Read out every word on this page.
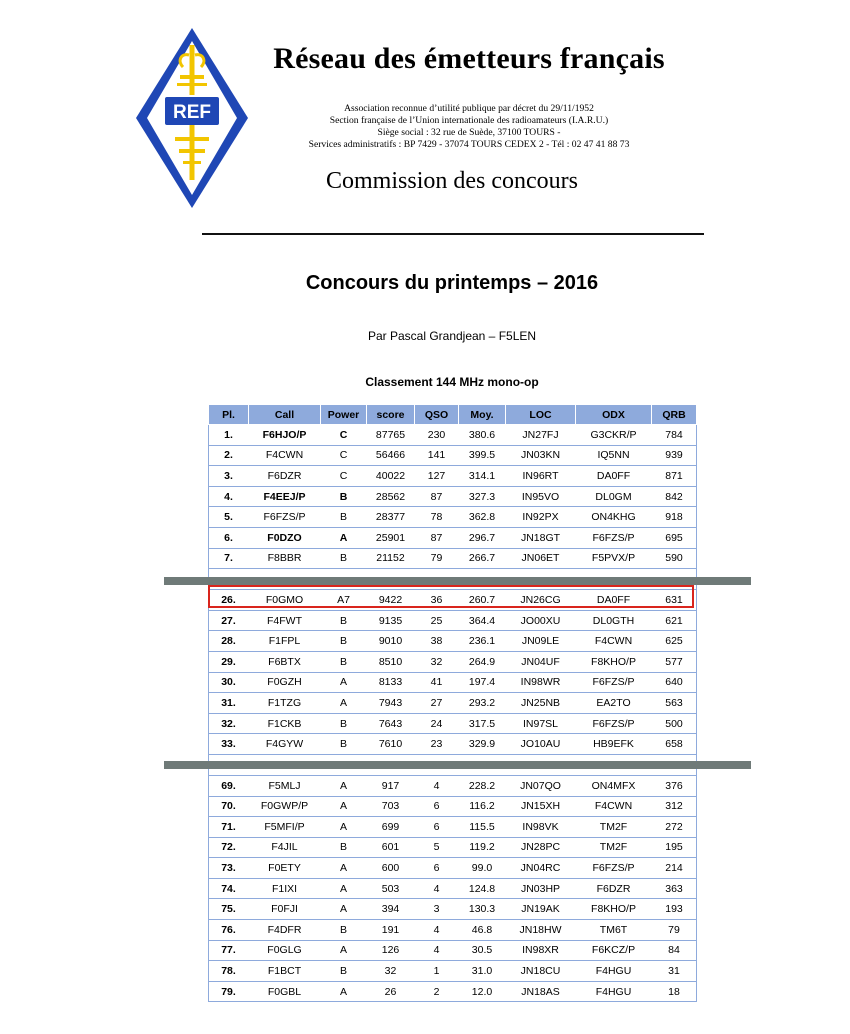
REF
Réseau des émetteurs français
Association reconnue d’utilité publique par décret du 29/11/1952
Section française de l’Union internationale des radioamateurs (I.A.R.U.)
Siège social : 32 rue de Suède, 37100 TOURS -
Services administratifs : BP 7429 - 37074 TOURS CEDEX 2 - Tél : 02 47 41 88 73
Commission des concours
Concours du printemps – 2016
Par Pascal Grandjean – F5LEN
Classement 144 MHz mono-op
Pl.	Call	Power	score	QSO	Moy.	LOC	ODX	QRB
1.	F6HJO/P	C	87765	230	380.6	JN27FJ	G3CKR/P	784
2.	F4CWN	C	56466	141	399.5	JN03KN	IQ5NN	939
3.	F6DZR	C	40022	127	314.1	IN96RT	DA0FF	871
4.	F4EEJ/P	B	28562	87	327.3	IN95VO	DL0GM	842
5.	F6FZS/P	B	28377	78	362.8	IN92PX	ON4KHG	918
6.	F0DZO	A	25901	87	296.7	JN18GT	F6FZS/P	695
7.	F8BBR	B	21152	79	266.7	JN06ET	F5PVX/P	590

26.	F0GMO	A7	9422	36	260.7	JN26CG	DA0FF	631
27.	F4FWT	B	9135	25	364.4	JO00XU	DL0GTH	621
28.	F1FPL	B	9010	38	236.1	JN09LE	F4CWN	625
29.	F6BTX	B	8510	32	264.9	JN04UF	F8KHO/P	577
30.	F0GZH	A	8133	41	197.4	IN98WR	F6FZS/P	640
31.	F1TZG	A	7943	27	293.2	JN25NB	EA2TO	563
32.	F1CKB	B	7643	24	317.5	IN97SL	F6FZS/P	500
33.	F4GYW	B	7610	23	329.9	JO10AU	HB9EFK	658

69.	F5MLJ	A	917	4	228.2	JN07QO	ON4MFX	376
70.	F0GWP/P	A	703	6	116.2	JN15XH	F4CWN	312
71.	F5MFI/P	A	699	6	115.5	IN98VK	TM2F	272
72.	F4JIL	B	601	5	119.2	JN28PC	TM2F	195
73.	F0ETY	A	600	6	99.0	JN04RC	F6FZS/P	214
74.	F1IXI	A	503	4	124.8	JN03HP	F6DZR	363
75.	F0FJI	A	394	3	130.3	JN19AK	F8KHO/P	193
76.	F4DFR	B	191	4	46.8	JN18HW	TM6T	79
77.	F0GLG	A	126	4	30.5	IN98XR	F6KCZ/P	84
78.	F1BCT	B	32	1	31.0	JN18CU	F4HGU	31
79.	F0GBL	A	26	2	12.0	JN18AS	F4HGU	18
